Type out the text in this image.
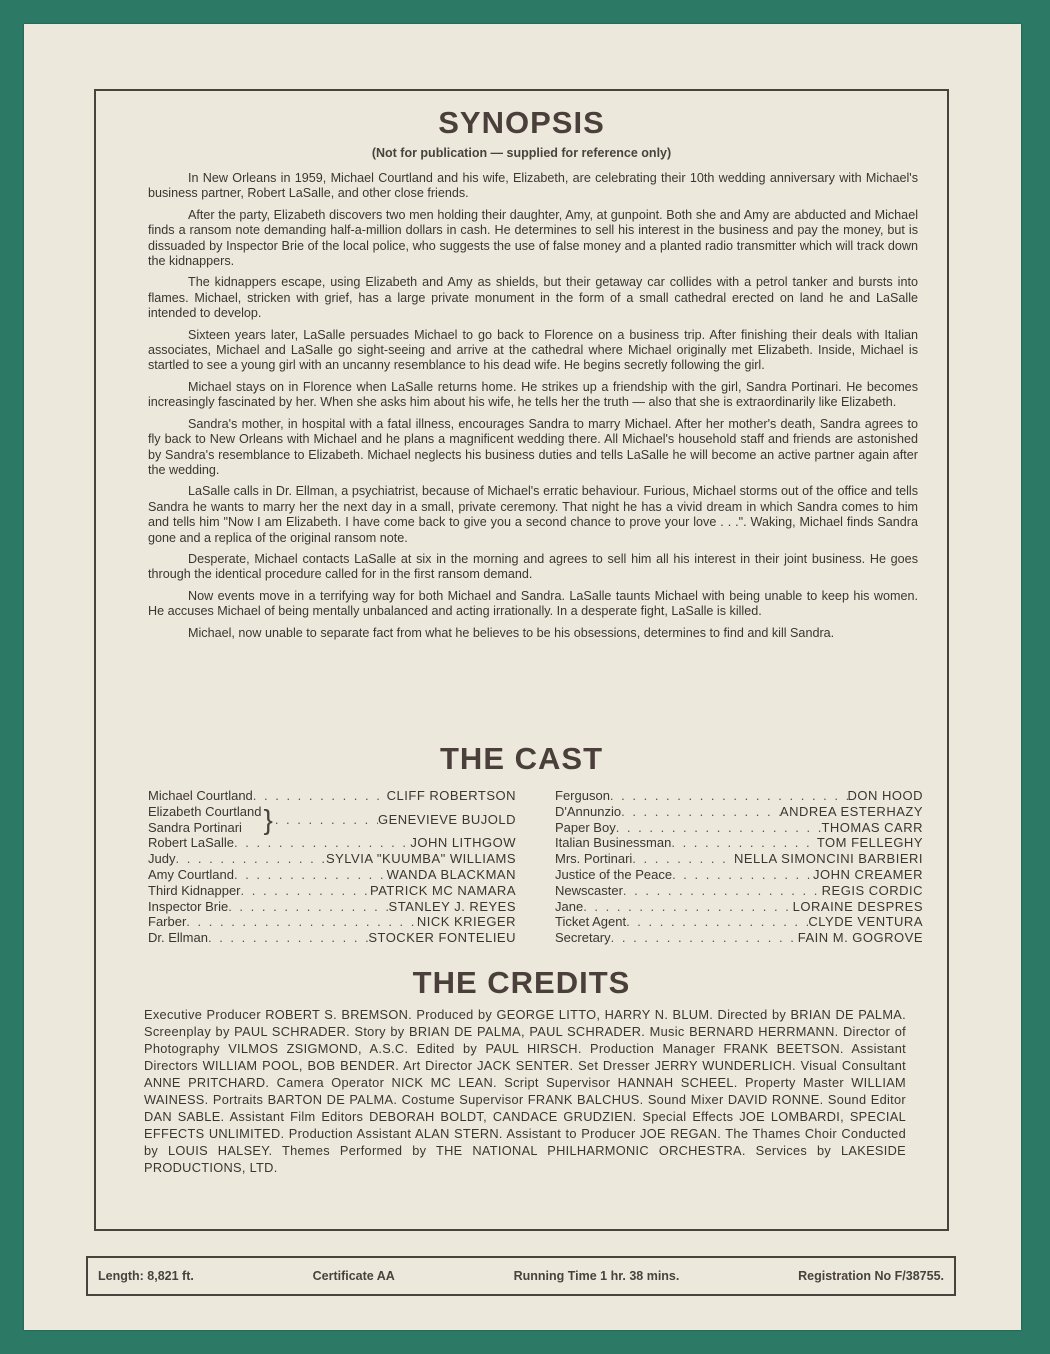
SYNOPSIS
(Not for publication — supplied for reference only)

In New Orleans in 1959, Michael Courtland and his wife, Elizabeth, are celebrating their 10th wedding anniversary with Michael's business partner, Robert LaSalle, and other close friends.

After the party, Elizabeth discovers two men holding their daughter, Amy, at gunpoint. Both she and Amy are abducted and Michael finds a ransom note demanding half-a-million dollars in cash. He determines to sell his interest in the business and pay the money, but is dissuaded by Inspector Brie of the local police, who suggests the use of false money and a planted radio transmitter which will track down the kidnappers.

The kidnappers escape, using Elizabeth and Amy as shields, but their getaway car collides with a petrol tanker and bursts into flames. Michael, stricken with grief, has a large private monument in the form of a small cathedral erected on land he and LaSalle intended to develop.

Sixteen years later, LaSalle persuades Michael to go back to Florence on a business trip. After finishing their deals with Italian associates, Michael and LaSalle go sight-seeing and arrive at the cathedral where Michael originally met Elizabeth. Inside, Michael is startled to see a young girl with an uncanny resemblance to his dead wife. He begins secretly following the girl.

Michael stays on in Florence when LaSalle returns home. He strikes up a friendship with the girl, Sandra Portinari. He becomes increasingly fascinated by her. When she asks him about his wife, he tells her the truth — also that she is extraordinarily like Elizabeth.

Sandra's mother, in hospital with a fatal illness, encourages Sandra to marry Michael. After her mother's death, Sandra agrees to fly back to New Orleans with Michael and he plans a magnificent wedding there. All Michael's household staff and friends are astonished by Sandra's resemblance to Elizabeth. Michael neglects his business duties and tells LaSalle he will become an active partner again after the wedding.

LaSalle calls in Dr. Ellman, a psychiatrist, because of Michael's erratic behaviour. Furious, Michael storms out of the office and tells Sandra he wants to marry her the next day in a small, private ceremony. That night he has a vivid dream in which Sandra comes to him and tells him "Now I am Elizabeth. I have come back to give you a second chance to prove your love . . .". Waking, Michael finds Sandra gone and a replica of the original ransom note.

Desperate, Michael contacts LaSalle at six in the morning and agrees to sell him all his interest in their joint business. He goes through the identical procedure called for in the first ransom demand.

Now events move in a terrifying way for both Michael and Sandra. LaSalle taunts Michael with being unable to keep his women. He accuses Michael of being mentally unbalanced and acting irrationally. In a desperate fight, LaSalle is killed.

Michael, now unable to separate fact from what he believes to be his obsessions, determines to find and kill Sandra.

THE CAST
Michael Courtland . . .	CLIFF ROBERTSON
Elizabeth Courtland
Sandra Portinari } . . .	GENEVIEVE BUJOLD
Robert LaSalle . . .	JOHN LITHGOW
Judy . . .	SYLVIA "KUUMBA" WILLIAMS
Amy Courtland . . .	WANDA BLACKMAN
Third Kidnapper . . .	PATRICK MC NAMARA
Inspector Brie . . .	STANLEY J. REYES
Farber . . .	NICK KRIEGER
Dr. Ellman . . .	STOCKER FONTELIEU
Ferguson . . .	DON HOOD
D'Annunzio . . .	ANDREA ESTERHAZY
Paper Boy . . .	THOMAS CARR
Italian Businessman . . .	TOM FELLEGHY
Mrs. Portinari . . .	NELLA SIMONCINI BARBIERI
Justice of the Peace . . .	JOHN CREAMER
Newscaster . . .	REGIS CORDIC
Jane . . .	LORAINE DESPRES
Ticket Agent . . .	CLYDE VENTURA
Secretary . . .	FAIN M. GOGROVE
THE CREDITS
Executive Producer ROBERT S. BREMSON. Produced by GEORGE LITTO, HARRY N. BLUM. Directed by BRIAN DE PALMA. Screenplay by PAUL SCHRADER. Story by BRIAN DE PALMA, PAUL SCHRADER. Music BERNARD HERRMANN. Director of Photography VILMOS ZSIGMOND, A.S.C. Edited by PAUL HIRSCH. Production Manager FRANK BEETSON. Assistant Directors WILLIAM POOL, BOB BENDER. Art Director JACK SENTER. Set Dresser JERRY WUNDERLICH. Visual Consultant ANNE PRITCHARD. Camera Operator NICK MC LEAN. Script Supervisor HANNAH SCHEEL. Property Master WILLIAM WAINESS. Portraits BARTON DE PALMA. Costume Supervisor FRANK BALCHUS. Sound Mixer DAVID RONNE. Sound Editor DAN SABLE. Assistant Film Editors DEBORAH BOLDT, CANDACE GRUDZIEN. Special Effects JOE LOMBARDI, SPECIAL EFFECTS UNLIMITED. Production Assistant ALAN STERN. Assistant to Producer JOE REGAN. The Thames Choir Conducted by LOUIS HALSEY. Themes Performed by THE NATIONAL PHILHARMONIC ORCHESTRA. Services by LAKESIDE PRODUCTIONS, LTD.
Length: 8,821 ft.	Certificate AA	Running Time 1 hr. 38 mins.	Registration No F/38755.
